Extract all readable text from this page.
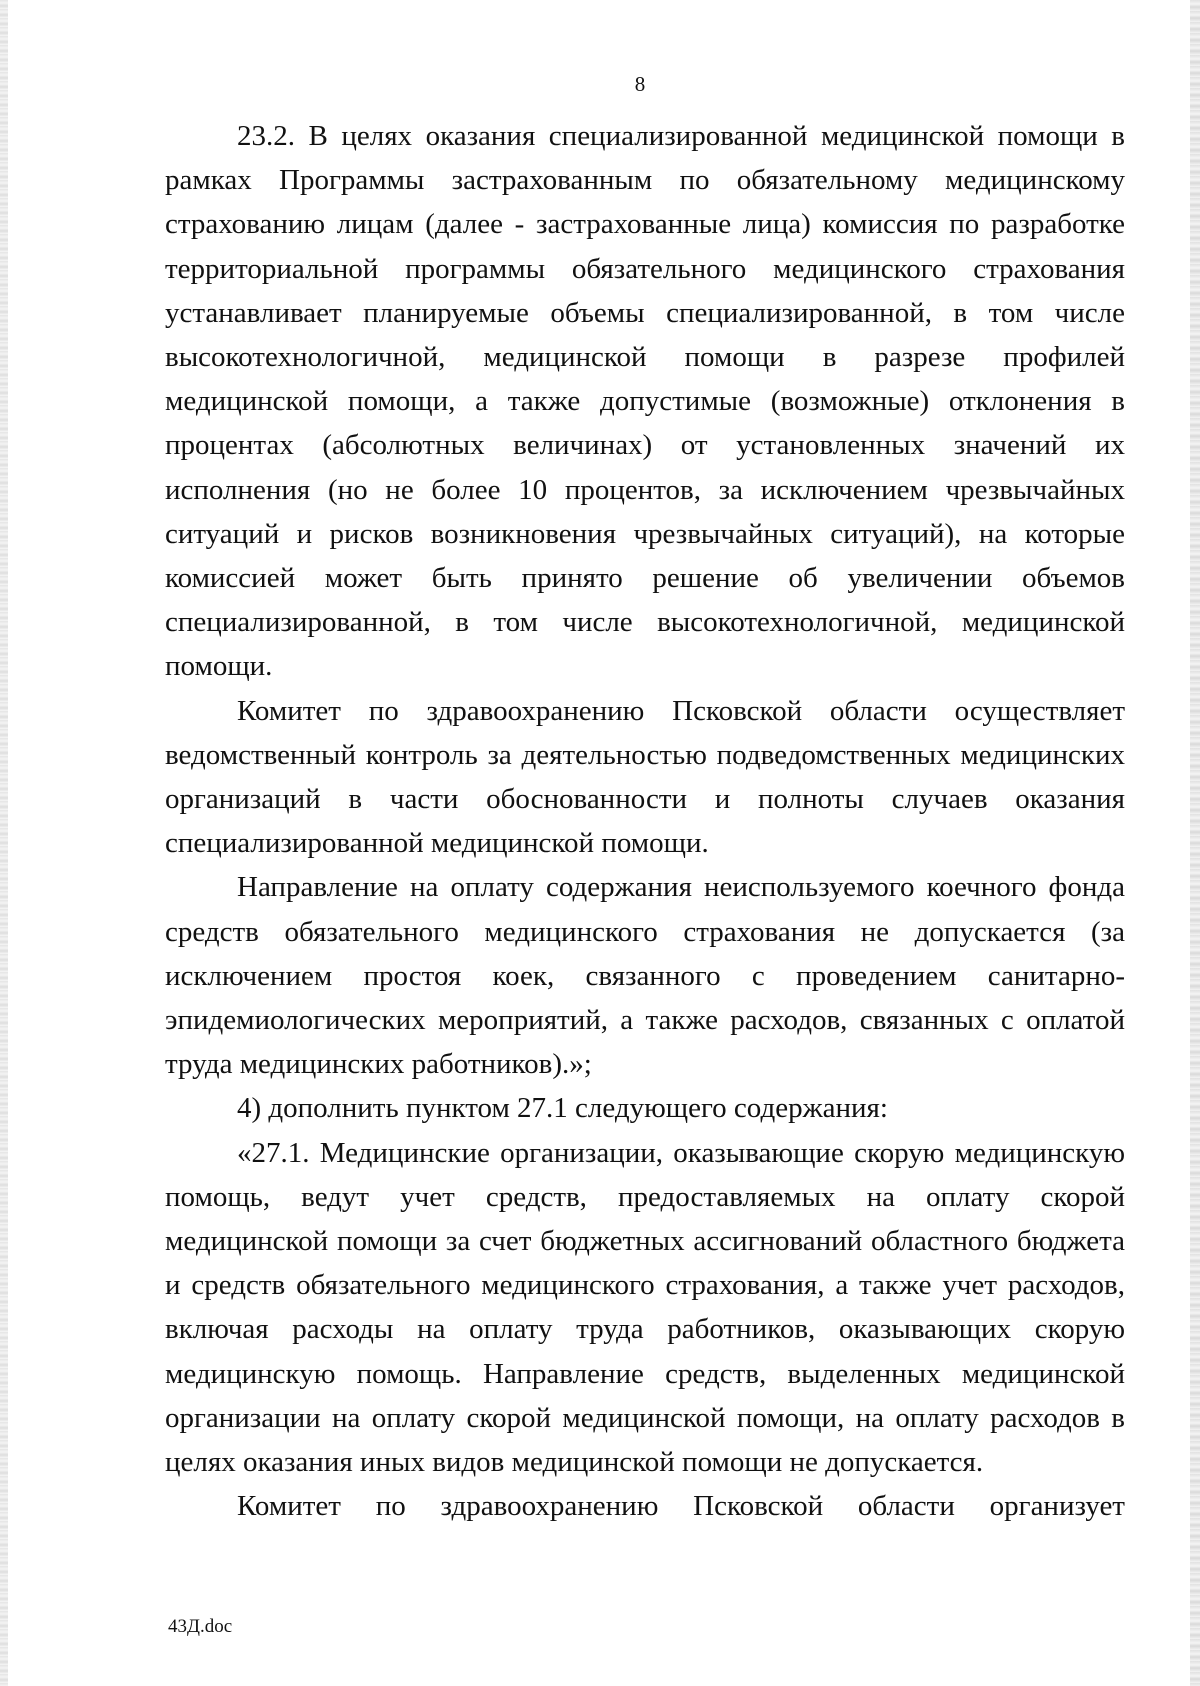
8

23.2. В целях оказания специализированной медицинской помощи в рамках Программы застрахованным по обязательному медицинскому страхованию лицам (далее - застрахованные лица) комиссия по разработке территориальной программы обязательного медицинского страхования устанавливает планируемые объемы специализированной, в том числе высокотехнологичной, медицинской помощи в разрезе профилей медицинской помощи, а также допустимые (возможные) отклонения в процентах (абсолютных величинах) от установленных значений их исполнения (но не более 10 процентов, за исключением чрезвычайных ситуаций и рисков возникновения чрезвычайных ситуаций), на которые комиссией может быть принято решение об увеличении объемов специализированной, в том числе высокотехнологичной, медицинской помощи.

Комитет по здравоохранению Псковской области осуществляет ведомственный контроль за деятельностью подведомственных медицинских организаций в части обоснованности и полноты случаев оказания специализированной медицинской помощи.

Направление на оплату содержания неиспользуемого коечного фонда средств обязательного медицинского страхования не допускается (за исключением простоя коек, связанного с проведением санитарно-эпидемиологических мероприятий, а также расходов, связанных с оплатой труда медицинских работников).»;

4) дополнить пунктом 27.1 следующего содержания:

«27.1. Медицинские организации, оказывающие скорую медицинскую помощь, ведут учет средств, предоставляемых на оплату скорой медицинской помощи за счет бюджетных ассигнований областного бюджета и средств обязательного медицинского страхования, а также учет расходов, включая расходы на оплату труда работников, оказывающих скорую медицинскую помощь. Направление средств, выделенных медицинской организации на оплату скорой медицинской помощи, на оплату расходов в целях оказания иных видов медицинской помощи не допускается.

Комитет по здравоохранению Псковской области организует

43Д.doc
